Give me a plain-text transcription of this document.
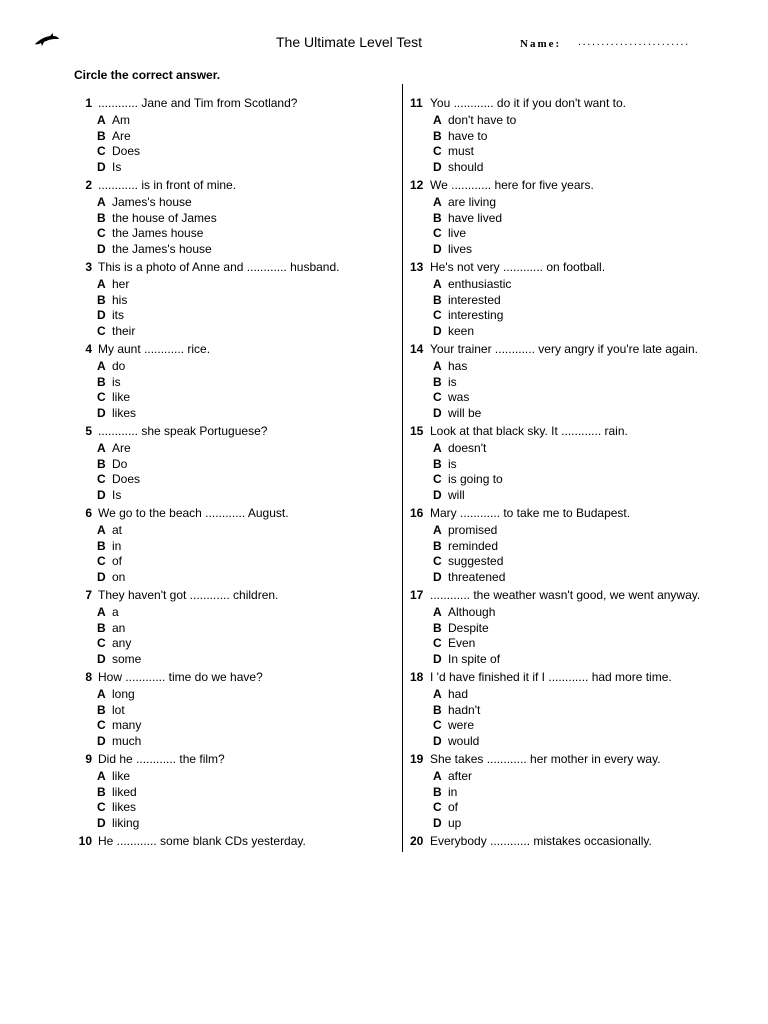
The Ultimate Level Test	Name: ........................
Circle the correct answer.
1 ............ Jane and Tim from Scotland?
A Am
B Are
C Does
D Is
2 ............ is in front of mine.
A James's house
B the house of James
C the James house
D the James's house
3 This is a photo of Anne and ............ husband.
A her
B his
D its
C their
4 My aunt ............ rice.
A do
B is
C like
D likes
5 ............ she speak Portuguese?
A Are
B Do
C Does
D Is
6 We go to the beach ............ August.
A at
B in
C of
D on
7 They haven't got ............ children.
A a
B an
C any
D some
8 How ............ time do we have?
A long
B lot
C many
D much
9 Did he ............ the film?
A like
B liked
C likes
D liking
10 He ............ some blank CDs yesterday.
11 You ............ do it if you don't want to.
A don't have to
B have to
C must
D should
12 We ............ here for five years.
A are living
B have lived
C live
D lives
13 He's not very ............ on football.
A enthusiastic
B interested
C interesting
D keen
14 Your trainer ............ very angry if you're late again.
A has
B is
C was
D will be
15 Look at that black sky. It ............ rain.
A doesn't
B is
C is going to
D will
16 Mary ............ to take me to Budapest.
A promised
B reminded
C suggested
D threatened
17 ............ the weather wasn't good, we went anyway.
A Although
B Despite
C Even
D In spite of
18 I 'd have finished it if I ............ had more time.
A had
B hadn't
C were
D would
19 She takes ............ her mother in every way.
A after
B in
C of
D up
20 Everybody ............ mistakes occasionally.
